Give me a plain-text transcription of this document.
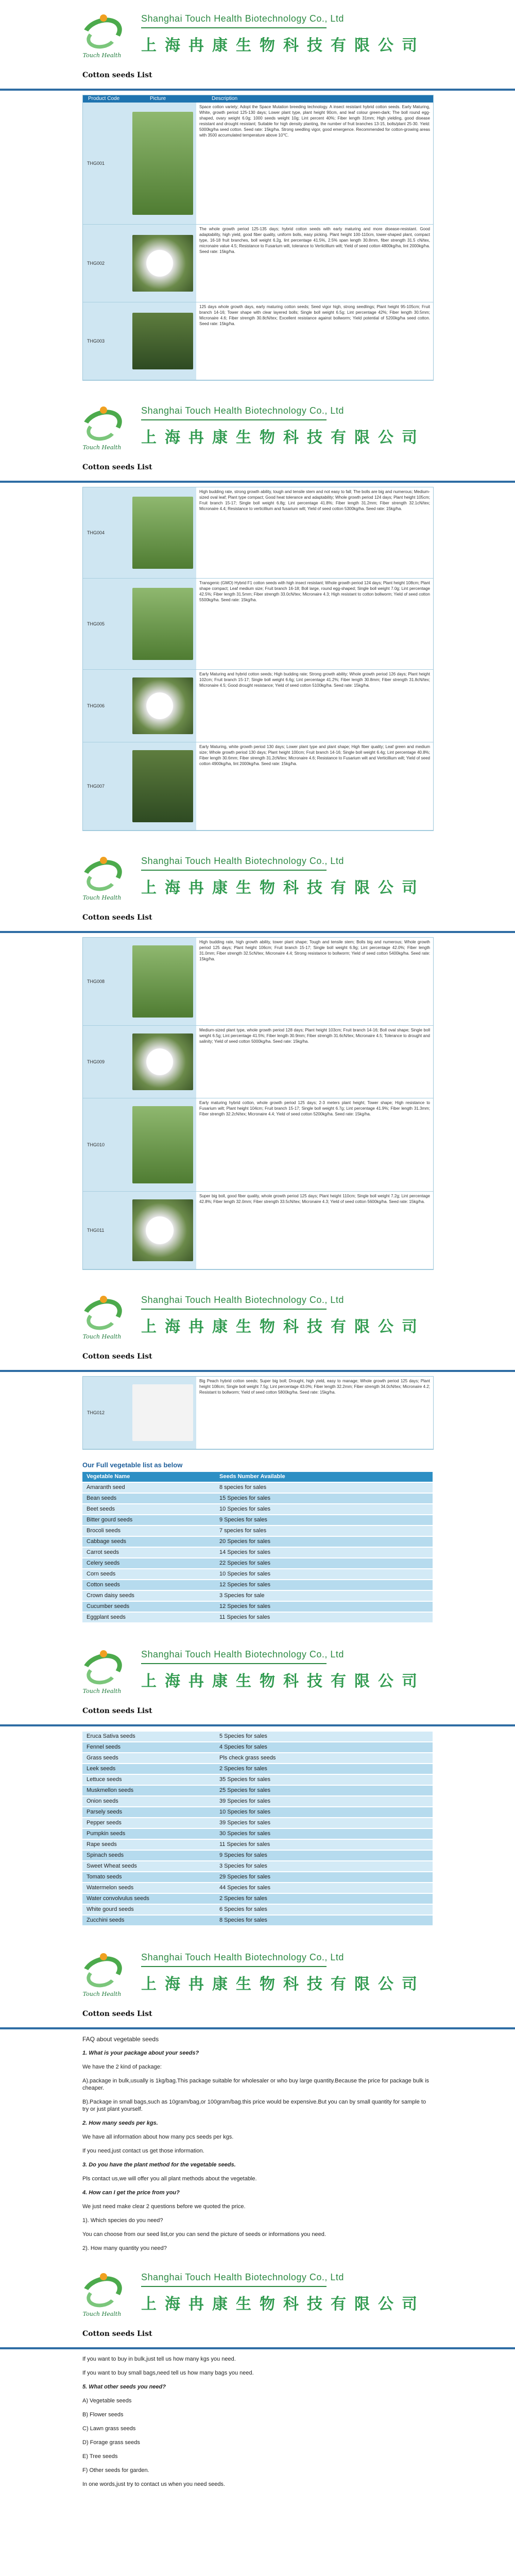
Touch Health
Shanghai Touch Health Biotechnology Co., Ltd
上海冉康生物科技有限公司
Cotton seeds List
Product Code	Picture	Description
THG001
Space cotton variety; Adopt the Space Mutation breeding technology. A insect resistant hybrid cotton seeds. Early Maturing, White, growth period 125-130 days; Lower plant type, plant height 90cm, and leaf colour green-dark; The boll round egg-shaped, ovary weight 6.0g; 1000 seeds weight 10g; Lint percent 40%; Fiber length 31mm; High yielding, good disease resistant and drought resistant; Suitable for high density planting, the number of fruit branches 13-15, bolls/plant 25-30. Yield: 5000kg/ha seed cotton. Seed rate: 15kg/ha. Strong seedling vigor, good emergence. Recommended for cotton-growing areas with 3500 accumulated temperature above 10℃.
THG002
The whole growth period 125-135 days; hybrid cotton seeds with early maturing and more disease-resistant. Good adaptability, high yield, good fiber quality, uniform bolls, easy picking. Plant height 100-110cm, tower-shaped plant, compact type, 16-18 fruit branches, boll weight 6.2g, lint percentage 41.5%, 2.5% span length 30.8mm, fiber strength 31.5 cN/tex, micronaire value 4.5; Resistance to Fusarium wilt, tolerance to Verticillium wilt; Yield of seed cotton 4800kg/ha, lint 2000kg/ha. Seed rate: 15kg/ha.
THG003
125 days whole growth days, early maturing cotton seeds; Seed vigor high, strong seedlings; Plant height 95-105cm; Fruit branch 14-16; Tower shape with clear layered bolls; Single boll weight 6.5g; Lint percentage 42%; Fiber length 30.5mm; Micronaire 4.6; Fiber strength 30.8cN/tex; Excellent resistance against bollworm; Yield potential of 5200kg/ha seed cotton. Seed rate: 15kg/ha.
Touch Health
Shanghai Touch Health Biotechnology Co., Ltd
上海冉康生物科技有限公司
Cotton seeds List
THG004
High budding rate, strong growth ability, tough and tensile stem and not easy to fall; The bolls are big and numerous; Medium-sized oval leaf; Plant type compact; Good heat tolerance and adaptability; Whole growth period 124 days; Plant height 105cm; Fruit branch 15-17; Single boll weight 6.8g; Lint percentage 41.8%; Fiber length 31.2mm; Fiber strength 32.1cN/tex; Micronaire 4.4; Resistance to verticillium and fusarium wilt; Yield of seed cotton 5300kg/ha. Seed rate: 15kg/ha.
THG005
Transgenic (GMO) Hybrid F1 cotton seeds with high insect resistant; Whole growth period 124 days; Plant height 108cm; Plant shape compact; Leaf medium size; Fruit branch 16-18; Boll large, round egg-shaped; Single boll weight 7.0g; Lint percentage 42.5%; Fiber length 31.5mm; Fiber strength 33.0cN/tex; Micronaire 4.3; High resistant to cotton bollworm; Yield of seed cotton 5500kg/ha. Seed rate: 15kg/ha.
THG006
Early Maturing and hybrid cotton seeds; High budding rate; Strong growth ability; Whole growth period 126 days; Plant height 102cm; Fruit branch 15-17; Single boll weight 6.6g; Lint percentage 41.2%; Fiber length 30.8mm; Fiber strength 31.8cN/tex; Micronaire 4.5; Good drought resistance; Yield of seed cotton 5100kg/ha. Seed rate: 15kg/ha.
THG007
Early Maturing, white growth period 130 days; Lower plant type and plant shape; High fiber quality; Leaf green and medium size; Whole growth period 130 days; Plant height 100cm; Fruit branch 14-16; Single boll weight 6.4g; Lint percentage 40.8%; Fiber length 30.6mm; Fiber strength 31.2cN/tex; Micronaire 4.6; Resistance to Fusarium wilt and Verticillium wilt; Yield of seed cotton 4900kg/ha, lint 2000kg/ha. Seed rate: 15kg/ha.
Touch Health
Shanghai Touch Health Biotechnology Co., Ltd
上海冉康生物科技有限公司
Cotton seeds List
THG008
High budding rate, high growth ability, tower plant shape; Tough and tensile stem; Bolls big and numerous; Whole growth period 125 days; Plant height 106cm; Fruit branch 15-17; Single boll weight 6.9g; Lint percentage 42.0%; Fiber length 31.0mm; Fiber strength 32.5cN/tex; Micronaire 4.4; Strong resistance to bollworm; Yield of seed cotton 5400kg/ha. Seed rate: 15kg/ha.
THG009
Medium-sized plant type, whole growth period 128 days; Plant height 103cm; Fruit branch 14-16; Boll oval shape; Single boll weight 6.5g; Lint percentage 41.5%; Fiber length 30.9mm; Fiber strength 31.6cN/tex; Micronaire 4.5; Tolerance to drought and salinity; Yield of seed cotton 5000kg/ha. Seed rate: 15kg/ha.
THG010
Early maturing hybrid cotton, whole growth period 125 days; 2-3 meters plant height; Tower shape; High resistance to Fusarium wilt; Plant height 104cm; Fruit branch 15-17; Single boll weight 6.7g; Lint percentage 41.9%; Fiber length 31.3mm; Fiber strength 32.2cN/tex; Micronaire 4.4; Yield of seed cotton 5200kg/ha. Seed rate: 15kg/ha.
THG011
Super big boll, good fiber quality, whole growth period 125 days; Plant height 110cm; Single boll weight 7.2g; Lint percentage 42.8%; Fiber length 32.0mm; Fiber strength 33.5cN/tex; Micronaire 4.3; Yield of seed cotton 5600kg/ha. Seed rate: 15kg/ha.
Touch Health
Shanghai Touch Health Biotechnology Co., Ltd
上海冉康生物科技有限公司
Cotton seeds List
THG012
Big Peach hybrid cotton seeds; Super big boll; Drought, high yield, easy to manage; Whole growth period 125 days; Plant height 108cm; Single boll weight 7.5g; Lint percentage 43.0%; Fiber length 32.2mm; Fiber strength 34.0cN/tex; Micronaire 4.2; Resistant to bollworm; Yield of seed cotton 5800kg/ha. Seed rate: 15kg/ha.
Our Full vegetable list as below
Vegetable Name	Seeds Number Available
Amaranth seed	8 species for sales
Bean seeds	15 Species for sales
Beet seeds	10 Species for sales
Bitter gourd seeds	9 Species for sales
Brocoli seeds	7 species for sales
Cabbage seeds	20 Species for sales
Carrot seeds	14 Species for sales
Celery seeds	22 Species for sales
Corn seeds	10 Species for sales
Cotton seeds	12 Species for sales
Crown daisy seeds	3 Species for sale
Cucumber seeds	12 Species for sales
Eggplant seeds	11 Species for sales
Touch Health
Shanghai Touch Health Biotechnology Co., Ltd
上海冉康生物科技有限公司
Cotton seeds List
Eruca Sativa seeds	5 Species for sales
Fennel seeds	4 Species for sales
Grass seeds	Pls check grass seeds
Leek seeds	2 Species for sales
Lettuce seeds	35 Species for sales
Muskmellon seeds	25 Species for sales
Onion seeds	39 Species for sales
Parsely seeds	10 Species for sales
Pepper seeds	39 Species for sales
Pumpkin seeds	30 Species for sales
Rape seeds	11 Species for sales
Spinach seeds	9 Species for sales
Sweet Wheat seeds	3 Species for sales
Tomato seeds	29 Species for sales
Watermelon seeds	44 Species for sales
Water convolvulus seeds	2 Species for sales
White gourd seeds	6 Species for sales
Zucchini seeds	8 Species for sales
Touch Health
Shanghai Touch Health Biotechnology Co., Ltd
上海冉康生物科技有限公司
Cotton seeds List

FAQ about vegetable seeds

1. What is your package about your seeds?

We have the 2 kind of package:

A).package in bulk,usually is 1kg/bag.This package suitable for wholesaler or who buy large quantity.Because the price for package bulk is cheaper.

B).Package in small bags,such as 10gram/bag,or 100gram/bag.this price would be expensive.But you can by small quantity for sample to try or just plant yourself.

2. How many seeds per kgs.

We have all information about how many pcs seeds per kgs.

If you need,just contact us get those information.

3. Do you have the plant method for the vegetable seeds.

Pls contact us,we will offer you all plant methods about the vegetable.

4. How can I get the price from you?

We just need make clear 2 questions before we quoted the price.

1). Which species do you need?

You can choose from our seed list,or you can send the picture of seeds or informations you need.

2). How many quantity you need?

Touch Health
Shanghai Touch Health Biotechnology Co., Ltd
上海冉康生物科技有限公司
Cotton seeds List

If you want to buy in bulk,just tell us how many kgs you need.

If you want to buy small bags,need tell us how many bags you need.

5. What other seeds you need?

A) Vegetable seeds

B) Flower seeds

C) Lawn grass seeds

D) Forage grass seeds

E) Tree seeds

F) Other seeds for garden.

In one words,just try to contact us when you need seeds.
